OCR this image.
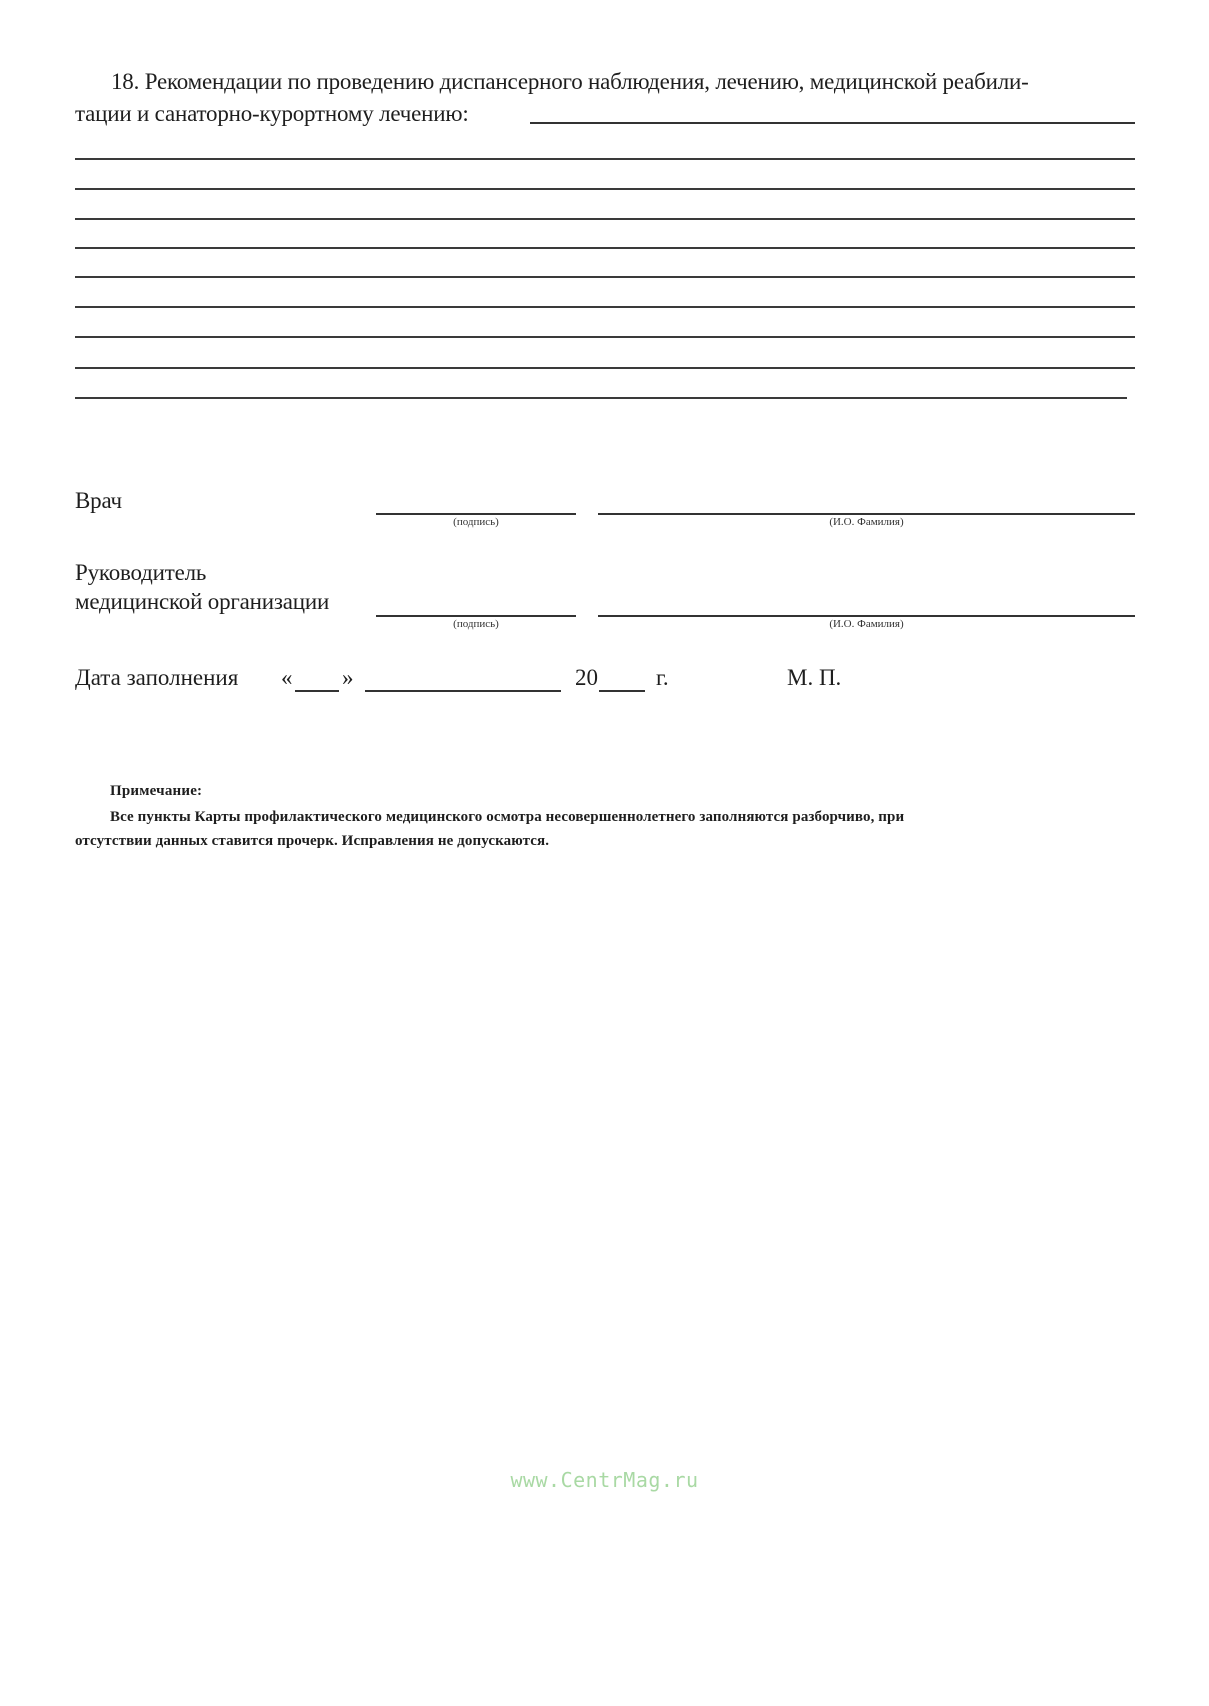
18. Рекомендации по проведению диспансерного наблюдения, лечению, медицинской реабили-
тации и санаторно-курортному лечению:
Врач
(подпись)	(И.О. Фамилия)
Руководитель
медицинской организации
(подпись)	(И.О. Фамилия)
Дата заполнения « »	20	г.	М. П.
Примечание:
Все пункты Карты профилактического медицинского осмотра несовершеннолетнего заполняются разборчиво, при
отсутствии данных ставится прочерк. Исправления не допускаются.
www.CentrMag.ru
